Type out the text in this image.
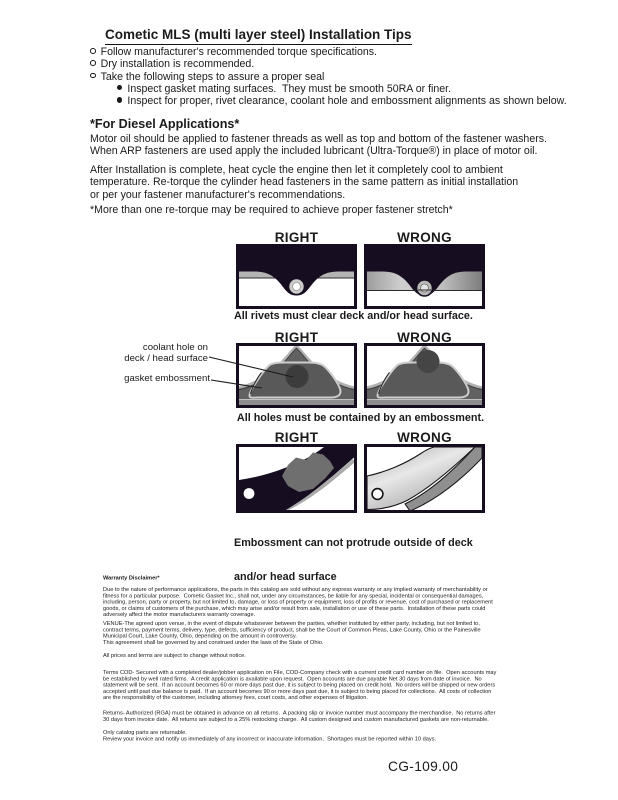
Cometic MLS (multi layer steel) Installation Tips
Follow manufacturer's recommended torque specifications.
Dry installation is recommended.
Take the following steps to assure a proper seal
Inspect gasket mating surfaces.  They must be smooth 50RA or finer.
Inspect for proper, rivet clearance, coolant hole and embossment alignments as shown below.
*For Diesel Applications*
Motor oil should be applied to fastener threads as well as top and bottom of the fastener washers.
When ARP fasteners are used apply the included lubricant (Ultra-Torque®) in place of motor oil.
After Installation is complete, heat cycle the engine then let it completely cool to ambient
temperature. Re-torque the cylinder head fasteners in the same pattern as initial installation
or per your fastener manufacturer's recommendations.
*More than one re-torque may be required to achieve proper fastener stretch*
RIGHT	WRONG
All rivets must clear deck and/or head surface.
RIGHT	WRONG
coolant hole on
deck / head surface
gasket embossment
All holes must be contained by an embossment.
RIGHT	WRONG

Embossment can not protrude outside of deck

and/or head surface

Warranty Disclaimer*
Due to the nature of performance applications, the parts in this catalog are sold without any express warranty or any implied warranty of merchantability or
fitness for a particular purpose.  Cometic Gasket Inc., shall not, under any circumstances, be liable for any special, incidental or consequential damages,
including, person, party or property, but not limited to, damage, or loss of property or equipment, loss of profits or revenue, cost of purchased or replacement
goods, or claims of customers of the purchase, which may arise and/or result from sale, installation or use of these parts.  Installation of these parts could
adversely affect the motor manufacturers warranty coverage.
VENUE-The agreed upon venue, in the event of dispute whatsoever between the parties, whether instituted by either party, including, but not limited to,
contract terms, payment terms, delivery, type, defects, sufficiency of product, shall be the Court of Common Pleas, Lake County, Ohio or the Painesville
Municipal Court, Lake County, Ohio, depending on the amount in controversy.
This agreement shall be governed by and construed under the laws of the State of Ohio.
All prices and terms are subject to change without notice.
Terms COD- Secured with a completed dealer/jobber application on File, COD-Company check with a current credit card number on file.  Open accounts may
be established by well rated firms.  A credit application is available upon request.  Open accounts are due payable Net 30 days from date of invoice.  No
statement will be sent.  If an account becomes 60 or more days past due, it is subject to being placed on credit hold.  No orders will be shipped or new orders
accepted until past due balance is paid.  If an account becomes 90 or more days past due, it is subject to being placed for collections.  All costs of collection
are the responsibility of the customer, including attorney fees, court costs, and other expenses of litigation.
Returns- Authorized (RGA) must be obtained in advance on all returns.  A packing slip or invoice number must accompany the merchandise.  No returns after
30 days from invoice date.  All returns are subject to a 25% restocking charge.  All custom designed and custom manufactured gaskets are non-returnable.
Only catalog parts are returnable.
Review your invoice and notify us immediately of any incorrect or inaccurate information.  Shortages must be reported within 10 days.
CG-109.00
